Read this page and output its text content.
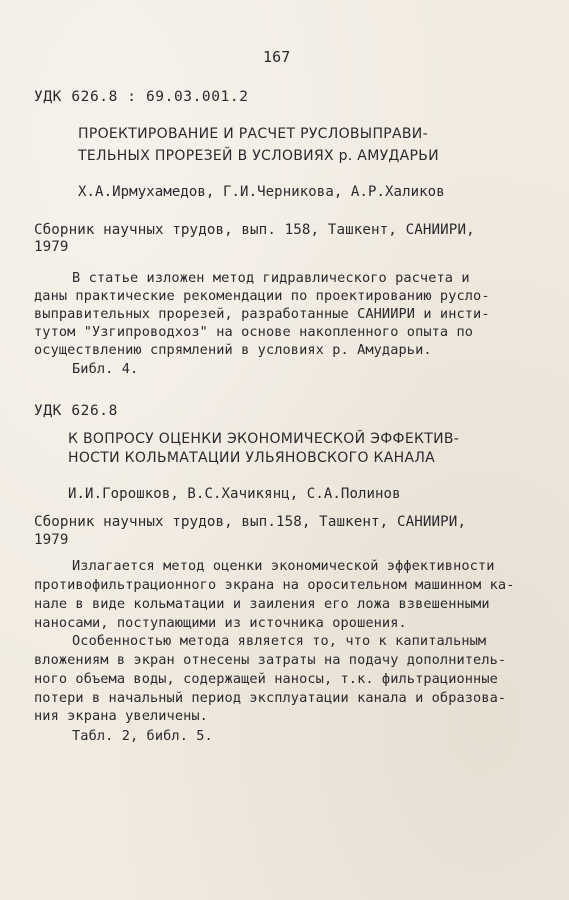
167
УДК 626.8 : 69.03.001.2
ПРОЕКТИРОВАНИЕ И РАСЧЕТ РУСЛОВЫПРАВИ-
ТЕЛЬНЫХ ПРОРЕЗЕЙ В УСЛОВИЯХ р. АМУДАРЬИ
Х.А.Ирмухамедов, Г.И.Черникова, А.Р.Халиков
Сборник научных трудов, вып. 158, Ташкент, САНИИРИ,
1979
В статье изложен метод гидравлического расчета и
даны практические рекомендации по проектированию русло-
выправительных прорезей, разработанные САНИИРИ и инсти-
тутом "Узгипроводхоз" на основе накопленного опыта по
осуществлению спрямлений в условиях р. Амударьи.
Библ. 4.
УДК 626.8
К ВОПРОСУ ОЦЕНКИ ЭКОНОМИЧЕСКОЙ ЭФФЕКТИВ-
НОСТИ КОЛЬМАТАЦИИ УЛЬЯНОВСКОГО КАНАЛА
И.И.Горошков, В.С.Хачикянц, С.А.Полинов
Сборник научных трудов, вып.158, Ташкент, САНИИРИ,
1979
Излагается метод оценки экономической эффективности
противофильтрационного экрана на оросительном машинном ка-
нале в виде кольматации и заиления его ложа взвешенными
наносами, поступающими из источника орошения.
Особенностью метода является то, что к капитальным
вложениям в экран отнесены затраты на подачу дополнитель-
ного объема воды, содержащей наносы, т.к. фильтрационные
потери в начальный период эксплуатации канала и образова-
ния экрана увеличены.
Табл. 2, библ. 5.
